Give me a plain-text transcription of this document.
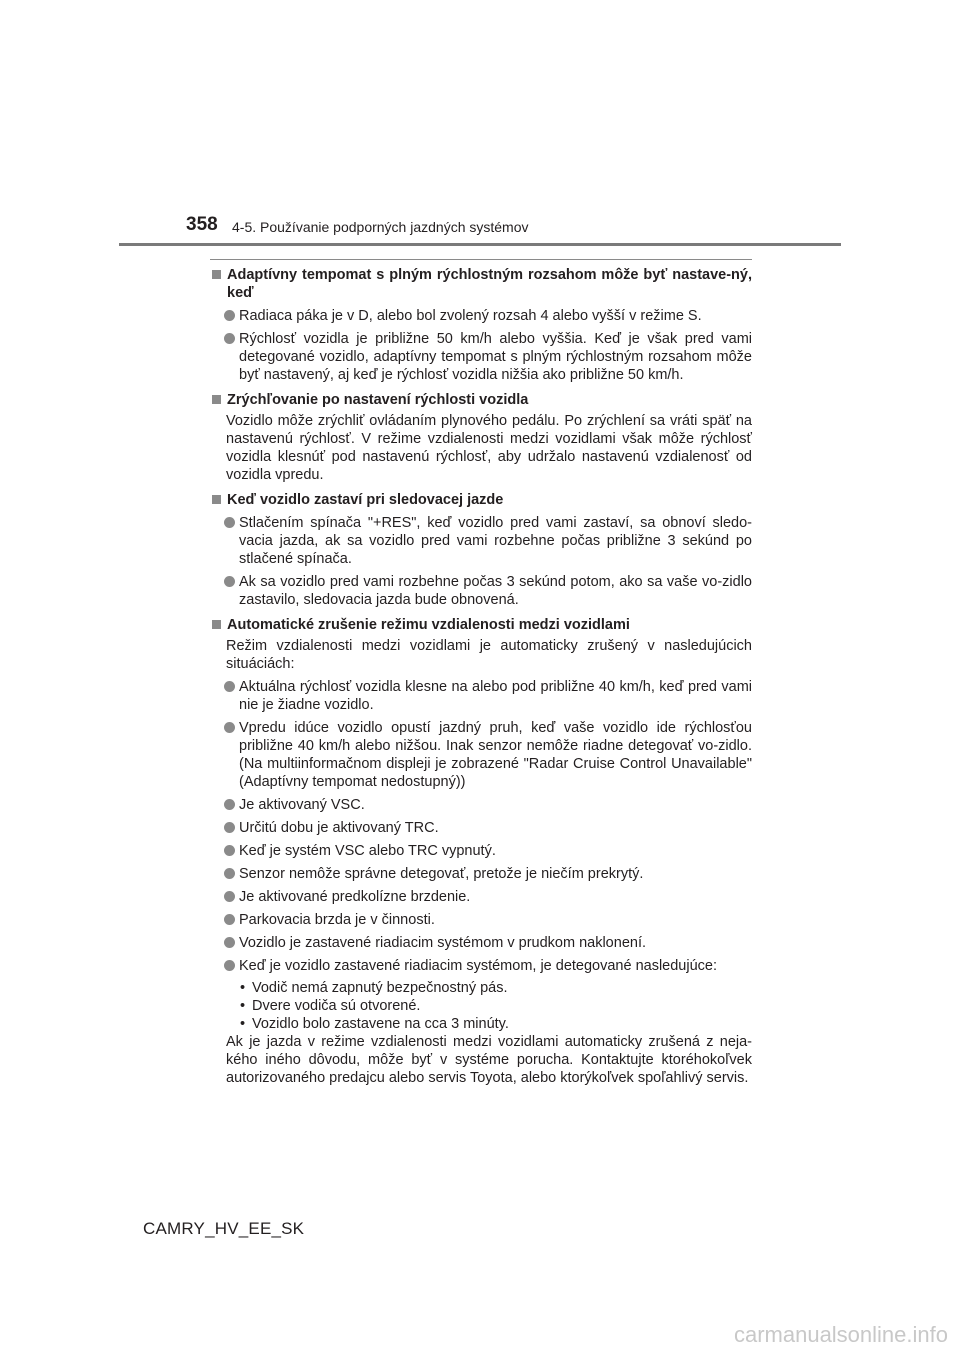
358 4-5. Používanie podporných jazdných systémov
Adaptívny tempomat s plným rýchlostným rozsahom môže byť nastave-ný, keď
Radiaca páka je v D, alebo bol zvolený rozsah 4 alebo vyšší v režime S.
Rýchlosť vozidla je približne 50 km/h alebo vyššia. Keď je však pred vami detegované vozidlo, adaptívny tempomat s plným rýchlostným rozsahom môže byť nastavený, aj keď je rýchlosť vozidla nižšia ako približne 50 km/h.
Zrýchľovanie po nastavení rýchlosti vozidla
Vozidlo môže zrýchliť ovládaním plynového pedálu. Po zrýchlení sa vráti späť na nastavenú rýchlosť. V režime vzdialenosti medzi vozidlami však môže rýchlosť vozidla klesnúť pod nastavenú rýchlosť, aby udržalo nastavenú vzdialenosť od vozidla vpredu.
Keď vozidlo zastaví pri sledovacej jazde
Stlačením spínača "+RES", keď vozidlo pred vami zastaví, sa obnoví sledo-vacia jazda, ak sa vozidlo pred vami rozbehne počas približne 3 sekúnd po stlačené spínača.
Ak sa vozidlo pred vami rozbehne počas 3 sekúnd potom, ako sa vaše vo-zidlo zastavilo, sledovacia jazda bude obnovená.
Automatické zrušenie režimu vzdialenosti medzi vozidlami
Režim vzdialenosti medzi vozidlami je automaticky zrušený v nasledujúcich situáciách:
Aktuálna rýchlosť vozidla klesne na alebo pod približne 40 km/h, keď pred vami nie je žiadne vozidlo.
Vpredu idúce vozidlo opustí jazdný pruh, keď vaše vozidlo ide rýchlosťou približne 40 km/h alebo nižšou. Inak senzor nemôže riadne detegovať vo-zidlo. (Na multiinformačnom displeji je zobrazené "Radar Cruise Control Unavailable" (Adaptívny tempomat nedostupný))
Je aktivovaný VSC.
Určitú dobu je aktivovaný TRC.
Keď je systém VSC alebo TRC vypnutý.
Senzor nemôže správne detegovať, pretože je niečím prekrytý.
Je aktivované predkolízne brzdenie.
Parkovacia brzda je v činnosti.
Vozidlo je zastavené riadiacim systémom v prudkom naklonení.
Keď je vozidlo zastavené riadiacim systémom, je detegované nasledujúce:
• Vodič nemá zapnutý bezpečnostný pás.
• Dvere vodiča sú otvorené.
• Vozidlo bolo zastavene na cca 3 minúty.
Ak je jazda v režime vzdialenosti medzi vozidlami automaticky zrušená z neja-kého iného dôvodu, môže byť v systéme porucha. Kontaktujte ktoréhokoľvek autorizovaného predajcu alebo servis Toyota, alebo ktorýkoľvek spoľahlivý servis.
CAMRY_HV_EE_SK
carmanualsonline.info
